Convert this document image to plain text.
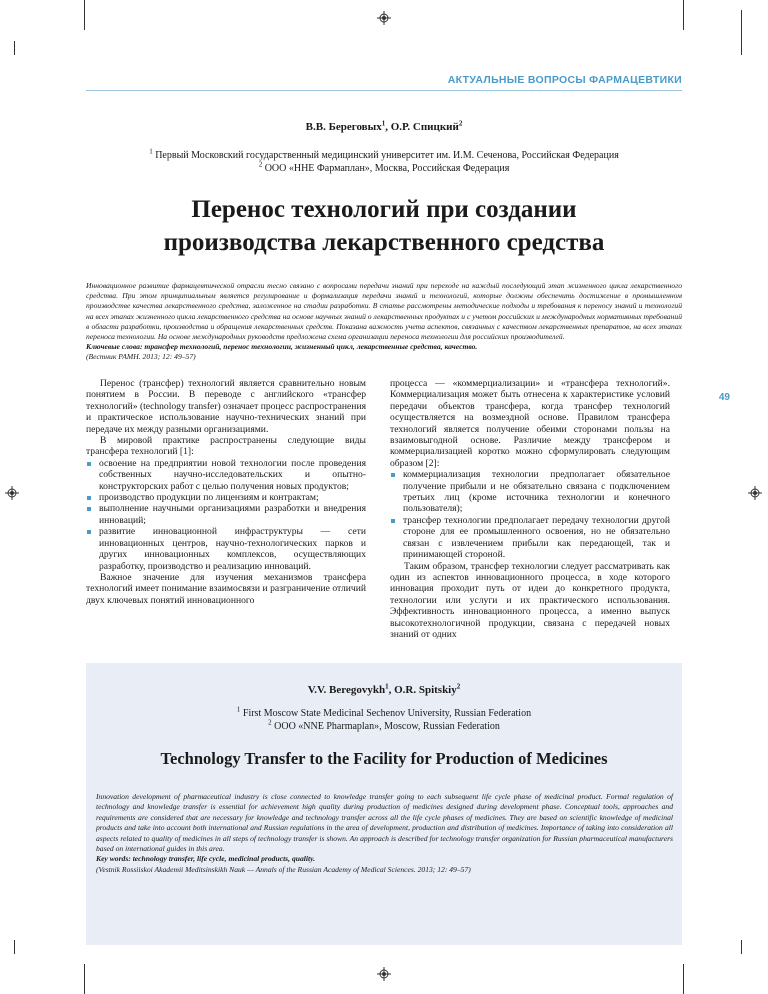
АКТУАЛЬНЫЕ ВОПРОСЫ ФАРМАЦЕВТИКИ
В.В. Береговых$^1$, О.Р. Спицкий$^2$
$^1$ Первый Московский государственный медицинский университет им. И.М. Сеченова, Российская Федерация
$^2$ ООО «ННЕ Фармаплан», Москва, Российская Федерация
Перенос технологий при создании
производства лекарственного средства
Инновационное развитие фармацевтической отрасли тесно связано с вопросами передачи знаний при переходе на каждый последующий этап жизненного цикла лекарственного средства. При этом принципиальным является регулирование и формализация передачи знаний и технологий, которые должны обеспечить достижение в промышленном производстве качества лекарственного средства, заложенное на стадии разработки. В статье рассмотрены методические подходы и требования к переносу знаний и технологий на всех этапах жизненного цикла лекарственного средства на основе научных знаний о лекарственных продуктах и с учетом российских и международных нормативных требований в области разработки, производства и обращения лекарственных средств. Показана важность учета аспектов, связанных с качеством лекарственных препаратов, на всех этапах переноса технологии. На основе международных руководств предложена схема организации переноса технологии для российских производителей.
Ключевые слова: трансфер технологий, перенос технологии, жизненный цикл, лекарственные средства, качество.
(Вестник РАМН. 2013; 12: 49–57)
49

Перенос (трансфер) технологий является сравнительно новым понятием в России. В переводе с английского «трансфер технологий» (technology transfer) означает процесс распространения и практическое использование научно-технических знаний при передаче их между разными организациями.

В мировой практике распространены следующие виды трансфера технологий [1]:

освоение на предприятии новой технологии после проведения собственных научно-исследовательских и опытно-конструкторских работ с целью получения новых продуктов;
производство продукции по лицензиям и контрактам;
выполнение научными организациями разработки и внедрения инноваций;
развитие инновационной инфраструктуры — сети инновационных центров, научно-технологических парков и других инновационных комплексов, осуществляющих разработку, производство и реализацию инноваций.

Важное значение для изучения механизмов трансфера технологий имеет понимание взаимосвязи и разграничение отличий двух ключевых понятий инновационного

процесса — «коммерциализации» и «трансфера технологий». Коммерциализация может быть отнесена к характеристике условий передачи объектов трансфера, когда трансфер технологий осуществляется на возмездной основе. Правилом трансфера технологий является получение обеими сторонами пользы на взаимовыгодной основе. Различие между трансфером и коммерциализацией коротко можно сформулировать следующим образом [2]:

коммерциализация технологии предполагает обязательное получение прибыли и не обязательно связана с подключением третьих лиц (кроме источника технологии и конечного пользователя);
трансфер технологии предполагает передачу технологии другой стороне для ее промышленного освоения, но не обязательно связан с извлечением прибыли как передающей, так и принимающей стороной.

Таким образом, трансфер технологии следует рассматривать как один из аспектов инновационного процесса, в ходе которого инновация проходит путь от идеи до конкретного продукта, технологии или услуги и их практического использования. Эффективность инновационного процесса, а именно выпуск высокотехнологичной продукции, связана с передачей новых знаний от одних

V.V. Beregovykh$^1$, O.R. Spitskiy$^2$
$^1$ First Moscow State Medicinal Sechenov University, Russian Federation
$^2$ OOO «NNE Pharmaplan», Moscow, Russian Federation
Technology Transfer to the Facility for Production of Medicines
Innovation development of pharmaceutical industry is close connected to knowledge transfer going to each subsequent life cycle phase of medicinal product. Formal regulation of technology and knowledge transfer is essential for achievement high quality during production of medicines designed during development phase. Conceptual tools, approaches and requirements are considered that are necessary for knowledge and technology transfer across all the life cycle phases of medicines. They are based on scientific knowledge of medicinal products and take into account both international and Russian regulations in the area of development, production and distribution of medicines. Importance of taking into consideration all aspects related to quality of medicines in all steps of technology transfer is shown. An approach is described for technology transfer organization for Russian pharmaceutical manufacturers based on international guides in this area.
Key words: technology transfer, life cycle, medicinal products, quality.
(Vestnik Rossiiskoi Akademii Meditsinskikh Nauk — Annals of the Russian Academy of Medical Sciences. 2013; 12: 49–57)
